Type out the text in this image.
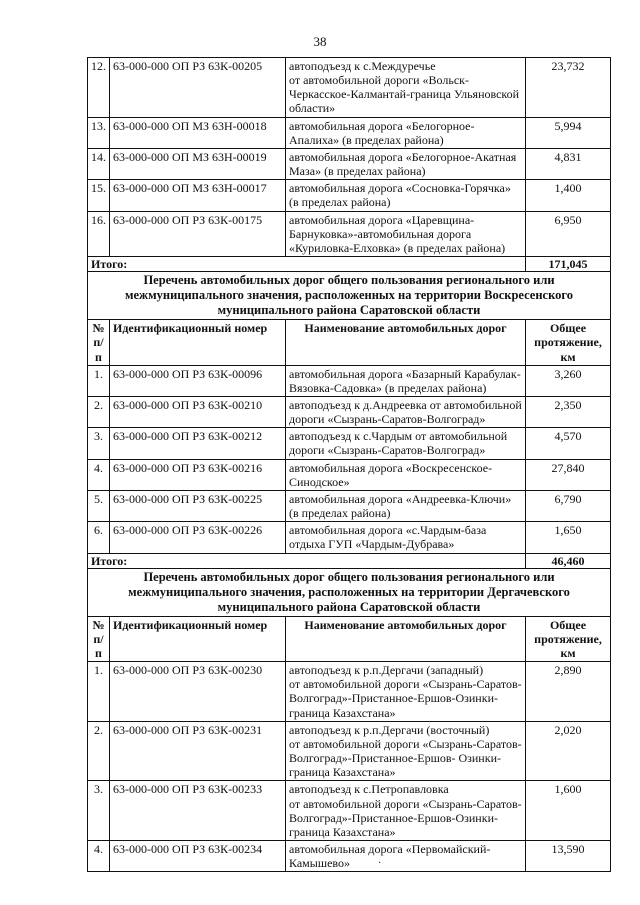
38
12.	63-000-000 ОП РЗ 63К-00205	автоподъезд к с.Междуречье
от автомобильной дороги «Вольск-Черкасское-Калмантай-граница Ульяновской области»	23,732
13.	63-000-000 ОП МЗ 63Н-00018	автомобильная дорога «Белогорное-Апалиха» (в пределах района)	5,994
14.	63-000-000 ОП МЗ 63Н-00019	автомобильная дорога «Белогорное-Акатная Маза» (в пределах района)	4,831
15.	63-000-000 ОП МЗ 63Н-00017	автомобильная дорога «Сосновка-Горячка» (в пределах района)	1,400
16.	63-000-000 ОП РЗ 63К-00175	автомобильная дорога «Царевщина-Барнуковка»-автомобильная дорога «Куриловка-Елховка» (в пределах района)	6,950
Итого:			171,045
Перечень автомобильных дорог общего пользования регионального или межмуниципального значения, расположенных на территории Воскресенского муниципального района Саратовской области			
№ п/п	Идентификационный номер	Наименование автомобильных дорог	Общее протяжение, км
1.	63-000-000 ОП РЗ 63К-00096	автомобильная дорога «Базарный Карабулак-Вязовка-Садовка» (в пределах района)	3,260
2.	63-000-000 ОП РЗ 63К-00210	автоподъезд к д.Андреевка от автомобильной дороги «Сызрань-Саратов-Волгоград»	2,350
3.	63-000-000 ОП РЗ 63К-00212	автоподъезд к с.Чардым от автомобильной дороги «Сызрань-Саратов-Волгоград»	4,570
4.	63-000-000 ОП РЗ 63К-00216	автомобильная дорога «Воскресенское-Синодское»	27,840
5.	63-000-000 ОП РЗ 63К-00225	автомобильная дорога «Андреевка-Ключи» (в пределах района)	6,790
6.	63-000-000 ОП РЗ 63К-00226	автомобильная дорога «с.Чардым-база отдыха ГУП «Чардым-Дубрава»	1,650
Итого:			46,460
Перечень автомобильных дорог общего пользования регионального или межмуниципального значения, расположенных на территории Дергачевского муниципального района Саратовской области			
№ п/п	Идентификационный номер	Наименование автомобильных дорог	Общее протяжение, км
1.	63-000-000 ОП РЗ 63К-00230	автоподъезд к р.п.Дергачи (западный)
от автомобильной дороги «Сызрань-Саратов-Волгоград»-Пристанное-Ершов-Озинки-граница Казахстана»	2,890
2.	63-000-000 ОП РЗ 63К-00231	автоподъезд к р.п.Дергачи (восточный)
от автомобильной дороги «Сызрань-Саратов-Волгоград»-Пристанное-Ершов- Озинки-граница Казахстана»	2,020
3.	63-000-000 ОП РЗ 63К-00233	автоподъезд к с.Петропавловка
от автомобильной дороги «Сызрань-Саратов-Волгоград»-Пристанное-Ершов-Озинки-граница Казахстана»	1,600
4.	63-000-000 ОП РЗ 63К-00234	автомобильная дорога «Первомайский-Камышево»	13,590
·
